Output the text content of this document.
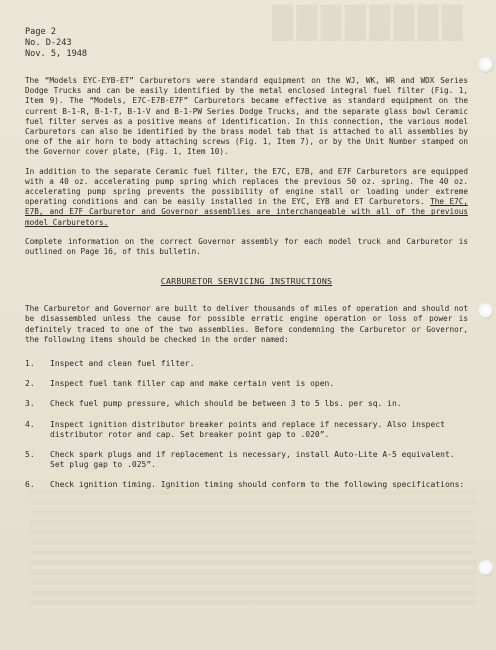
████████
Page 2
No. D-243
Nov. 5, 1948

The “Models EYC-EYB-ET” Carburetors were standard equipment on the WJ, WK, WR and WDX Series Dodge Trucks and can be easily identified by the metal enclosed integral fuel filter (Fig. 1, Item 9). The “Models, E7C-E7B-E7F” Carburetors became effective as standard equipment on the current B-1-R, B-1-T, B-1-V and B-1-PW Series Dodge Trucks, and the separate glass bowl Ceramic fuel filter serves as a positive means of identification. In this connection, the various model Carburetors can also be identified by the brass model tab that is attached to all assemblies by one of the air horn to body attaching screws (Fig. 1, Item 7), or by the Unit Number stamped on the Governor cover plate, (Fig. 1, Item 10).

In addition to the separate Ceramic fuel filter, the E7C, E7B, and E7F Carburetors are equipped with a 40 oz. accelerating pump spring which replaces the previous 50 oz. spring. The 40 oz. accelerating pump spring prevents the possibility of engine stall or loading under extreme operating conditions and can be easily installed in the EYC, EYB and ET Carburetors. The E7C, E7B, and E7F Carburetor and Governor assemblies are interchangeable with all of the previous model Carburetors.

Complete information on the correct Governor assembly for each model truck and Carburetor is outlined on Page 16, of this bulletin.

CARBURETOR SERVICING INSTRUCTIONS

The Carburetor and Governor are built to deliver thousands of miles of operation and should not be disassembled unless the cause for possible erratic engine operation or loss of power is definitely traced to one of the two assemblies. Before condemning the Carburetor or Governor, the following items should be checked in the order named:

1.	Inspect and clean fuel filter.
2.	Inspect fuel tank filler cap and make certain vent is open.
3.	Check fuel pump pressure, which should be between 3 to 5 lbs. per sq. in.
4.	Inspect ignition distributor breaker points and replace if necessary. Also inspect distributor rotor and cap. Set breaker point gap to .020”.
5.	Check spark plugs and if replacement is necessary, install Auto-Lite A-5 equivalent. Set plug gap to .025”.
6.	Check ignition timing. Ignition timing should conform to the following specifications:
